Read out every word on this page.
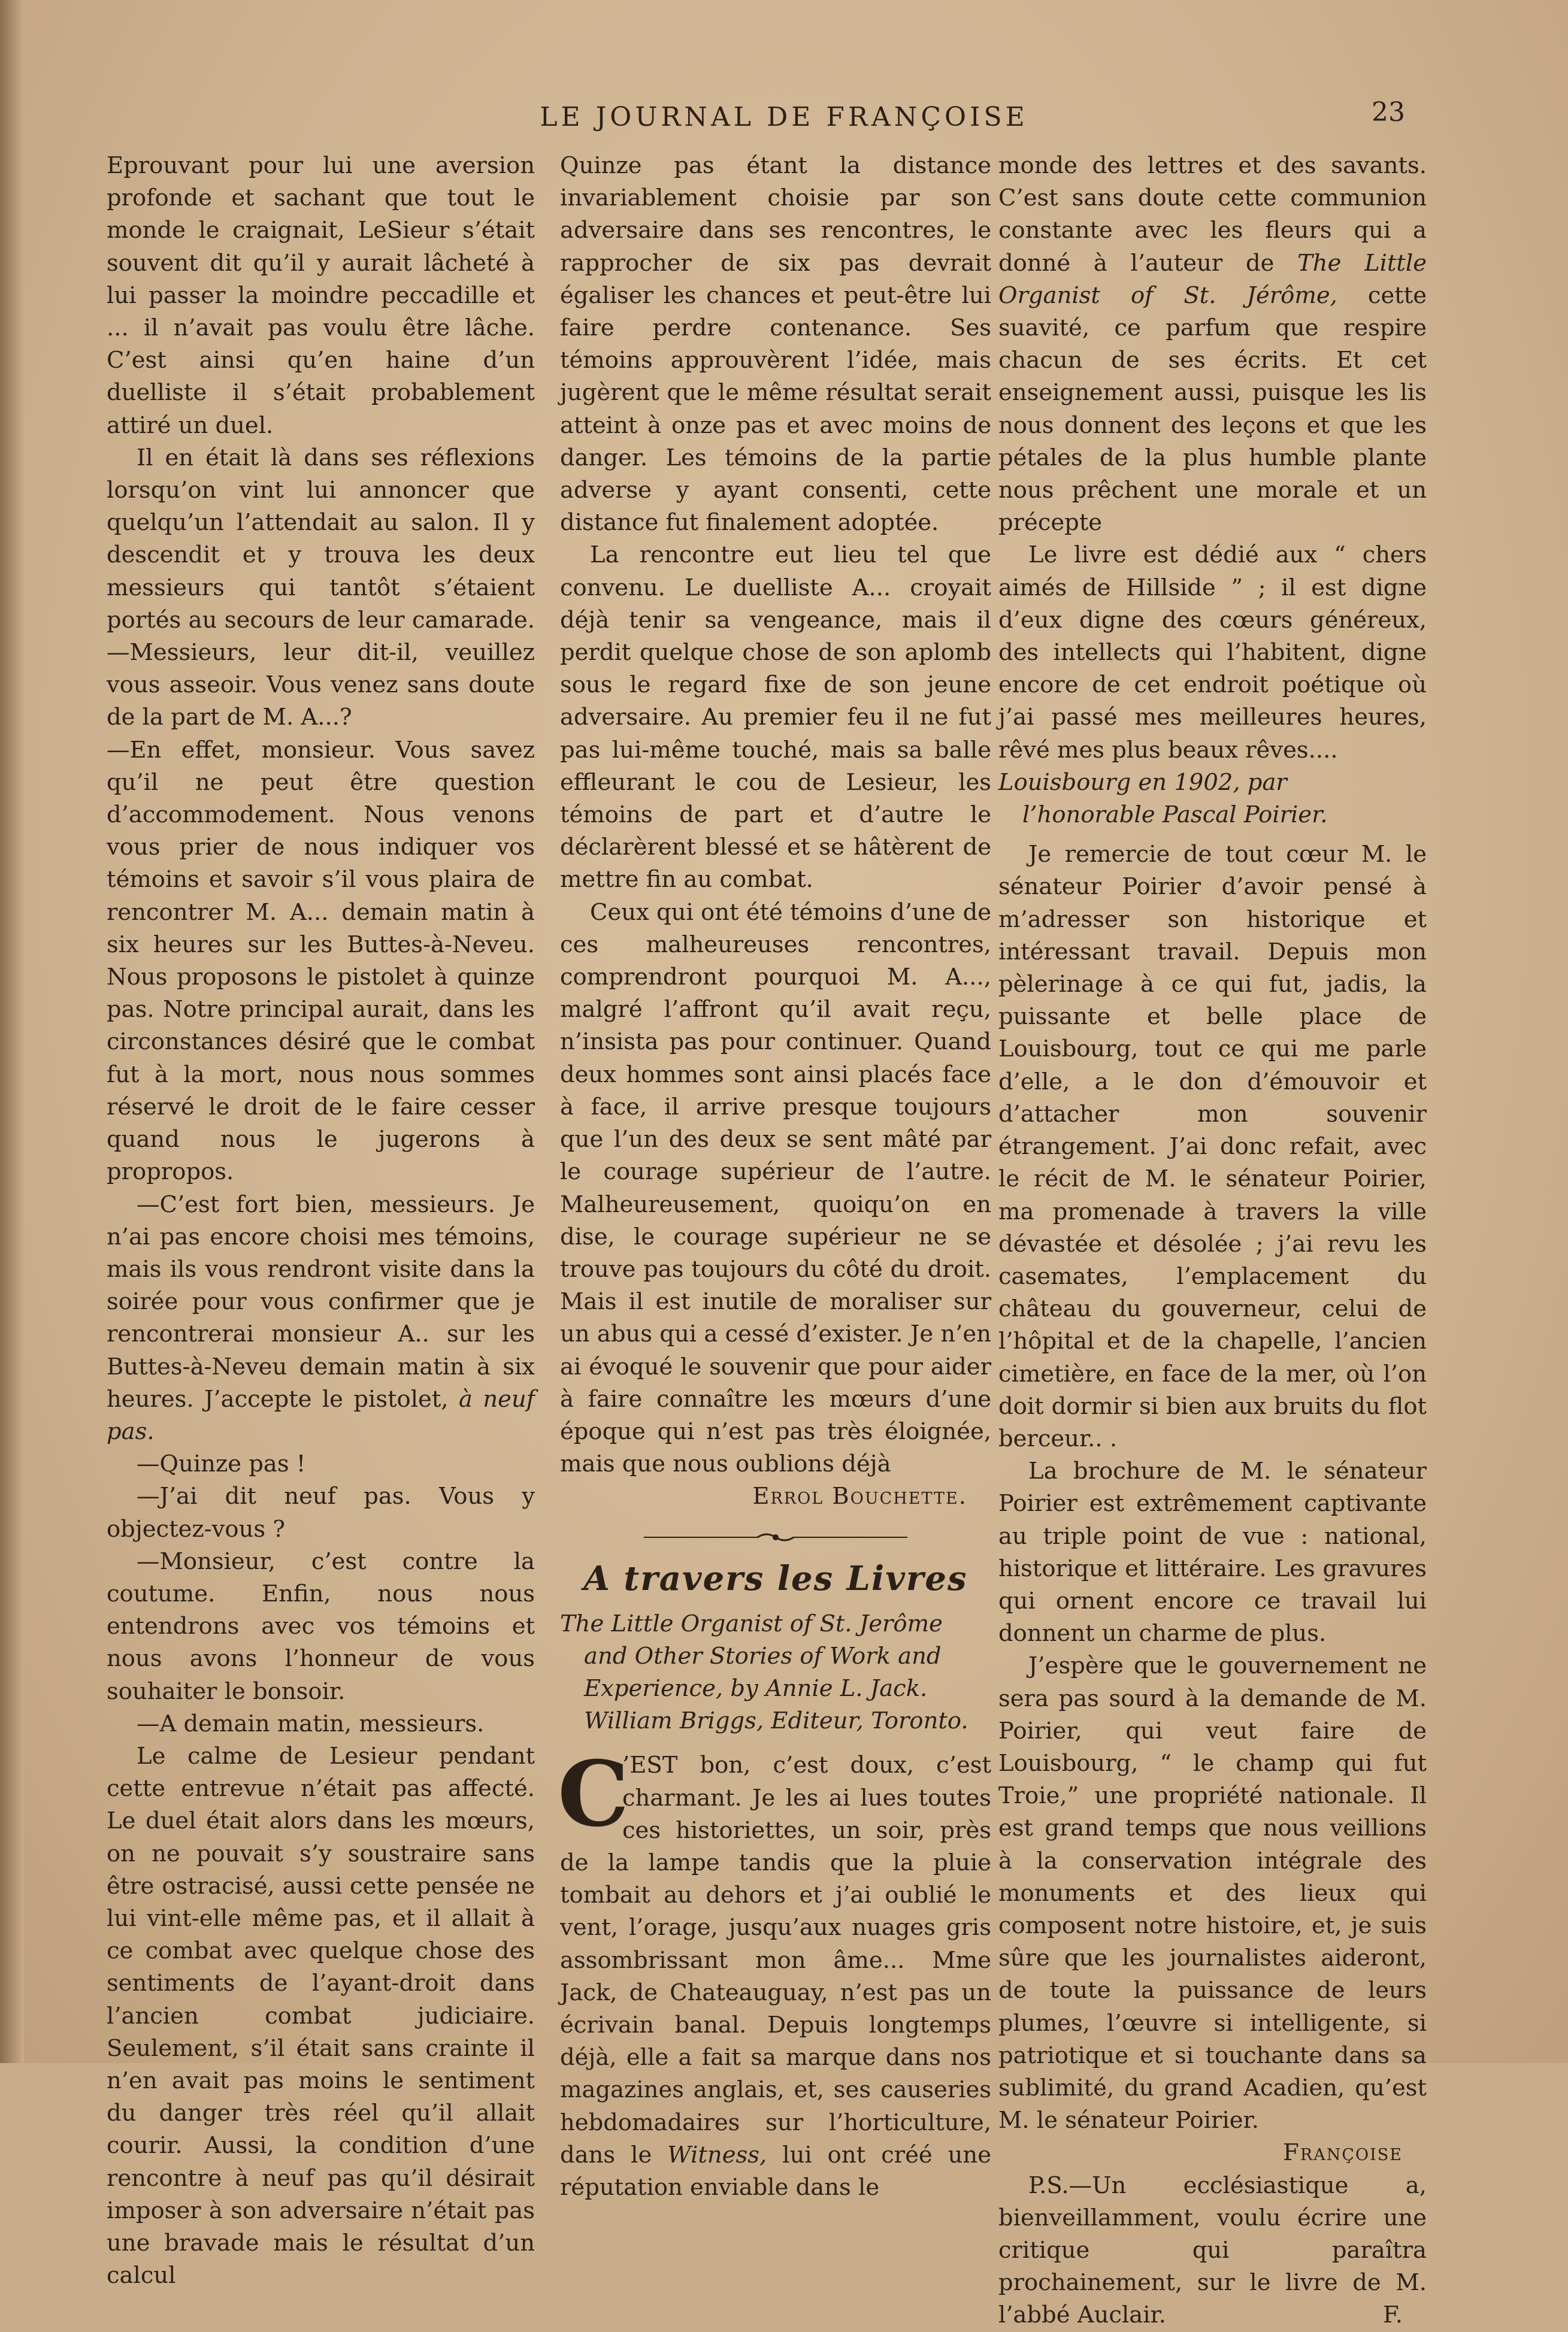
LE JOURNAL DE FRANÇOISE	23

Eprouvant pour lui une aversion profonde et sachant que tout le monde le craignait, LeSieur s’était souvent dit qu’il y aurait lâcheté à lui passer la moindre peccadille et ... il n’avait pas voulu être lâche. C’est ainsi qu’en haine d’un duelliste il s’était probablement attiré un duel.

Il en était là dans ses réflexions lorsqu’on vint lui annoncer que quelqu’un l’attendait au salon. Il y descendit et y trouva les deux messieurs qui tantôt s’étaient portés au secours de leur camarade.—Messieurs, leur dit-il, veuillez vous asseoir. Vous venez sans doute de la part de M. A...?

—En effet, monsieur. Vous savez qu’il ne peut être question d’accommodement. Nous venons vous prier de nous indiquer vos témoins et savoir s’il vous plaira de rencontrer M. A... demain matin à six heures sur les Buttes-à-Neveu. Nous proposons le pistolet à quinze pas. Notre principal aurait, dans les circonstances désiré que le combat fut à la mort, nous nous sommes réservé le droit de le faire cesser quand nous le jugerons à propropos.

—C’est fort bien, messieurs. Je n’ai pas encore choisi mes témoins, mais ils vous rendront visite dans la soirée pour vous confirmer que je rencontrerai monsieur A.. sur les Buttes-à-Neveu demain matin à six heures. J’accepte le pistolet, à neuf pas.

—Quinze pas !

—J’ai dit neuf pas. Vous y objectez-vous ?

—Monsieur, c’est contre la coutume. Enfin, nous nous entendrons avec vos témoins et nous avons l’honneur de vous souhaiter le bonsoir.

—A demain matin, messieurs.

Le calme de Lesieur pendant cette entrevue n’était pas affecté. Le duel était alors dans les mœurs, on ne pouvait s’y soustraire sans être ostracisé, aussi cette pensée ne lui vint-elle même pas, et il allait à ce combat avec quelque chose des sentiments de l’ayant-droit dans l’ancien combat judiciaire. Seulement, s’il était sans crainte il n’en avait pas moins le sentiment du danger très réel qu’il allait courir. Aussi, la condition d’une rencontre à neuf pas qu’il désirait imposer à son adversaire n’était pas une bravade mais le résultat d’un calcul

Quinze pas étant la distance invariablement choisie par son adversaire dans ses rencontres, le rapprocher de six pas devrait égaliser les chances et peut-être lui faire perdre contenance. Ses témoins approuvèrent l’idée, mais jugèrent que le même résultat serait atteint à onze pas et avec moins de danger. Les témoins de la partie adverse y ayant consenti, cette distance fut finalement adoptée.

La rencontre eut lieu tel que convenu. Le duelliste A... croyait déjà tenir sa vengeance, mais il perdit quelque chose de son aplomb sous le regard fixe de son jeune adversaire. Au premier feu il ne fut pas lui-même touché, mais sa balle effleurant le cou de Lesieur, les témoins de part et d’autre le déclarèrent blessé et se hâtèrent de mettre fin au combat.

Ceux qui ont été témoins d’une de ces malheureuses rencontres, comprendront pourquoi M. A..., malgré l’affront qu’il avait reçu, n’insista pas pour continuer. Quand deux hommes sont ainsi placés face à face, il arrive presque toujours que l’un des deux se sent mâté par le courage supérieur de l’autre. Malheureusement, quoiqu’on en dise, le courage supérieur ne se trouve pas toujours du côté du droit. Mais il est inutile de moraliser sur un abus qui a cessé d’exister. Je n’en ai évoqué le souvenir que pour aider à faire connaître les mœurs d’une époque qui n’est pas très éloignée, mais que nous oublions déjà

Errol Bouchette.

A travers les Livres

The Little Organist of St. Jerôme and Other Stories of Work and Experience, by Annie L. Jack. William Briggs, Editeur, Toronto.

C
’EST bon, c’est doux, c’est charmant. Je les ai lues toutes ces historiettes, un soir, près de la lampe tandis que la pluie tombait au dehors et j’ai oublié le vent, l’orage, jusqu’aux nuages gris assombrissant mon âme... Mme Jack, de Chateauguay, n’est pas un écrivain banal. Depuis longtemps déjà, elle a fait sa marque dans nos magazines anglais, et, ses causeries hebdomadaires sur l’horticulture, dans le Witness, lui ont créé une réputation enviable dans le

monde des lettres et des savants. C’est sans doute cette communion constante avec les fleurs qui a donné à l’auteur de The Little Organist of St. Jérôme, cette suavité, ce parfum que respire chacun de ses écrits. Et cet enseignement aussi, puisque les lis nous donnent des leçons et que les pétales de la plus humble plante nous prêchent une morale et un précepte

Le livre est dédié aux “ chers aimés de Hillside ” ; il est digne d’eux digne des cœurs généreux, des intellects qui l’habitent, digne encore de cet endroit poétique où j’ai passé mes meilleures heures, rêvé mes plus beaux rêves....

Louisbourg en 1902, par l’honorable Pascal Poirier.

Je remercie de tout cœur M. le sénateur Poirier d’avoir pensé à m’adresser son historique et intéressant travail. Depuis mon pèlerinage à ce qui fut, jadis, la puissante et belle place de Louisbourg, tout ce qui me parle d’elle, a le don d’émouvoir et d’attacher mon souvenir étrangement. J’ai donc refait, avec le récit de M. le sénateur Poirier, ma promenade à travers la ville dévastée et désolée ; j’ai revu les casemates, l’emplacement du château du gouverneur, celui de l’hôpital et de la chapelle, l’ancien cimetière, en face de la mer, où l’on doit dormir si bien aux bruits du flot berceur.. .

La brochure de M. le sénateur Poirier est extrêmement captivante au triple point de vue : national, historique et littéraire. Les gravures qui ornent encore ce travail lui donnent un charme de plus.

J’espère que le gouvernement ne sera pas sourd à la demande de M. Poirier, qui veut faire de Louisbourg, “ le champ qui fut Troie,” une propriété nationale. Il est grand temps que nous veillions à la conservation intégrale des monuments et des lieux qui composent notre histoire, et, je suis sûre que les journalistes aideront, de toute la puissance de leurs plumes, l’œuvre si intelligente, si patriotique et si touchante dans sa sublimité, du grand Acadien, qu’est M. le sénateur Poirier.

Françoise

P.S.—Un ecclésiastique a, bienveillamment, voulu écrire une critique qui paraîtra prochainement, sur le livre de M. l’abbé Auclair.	F.
